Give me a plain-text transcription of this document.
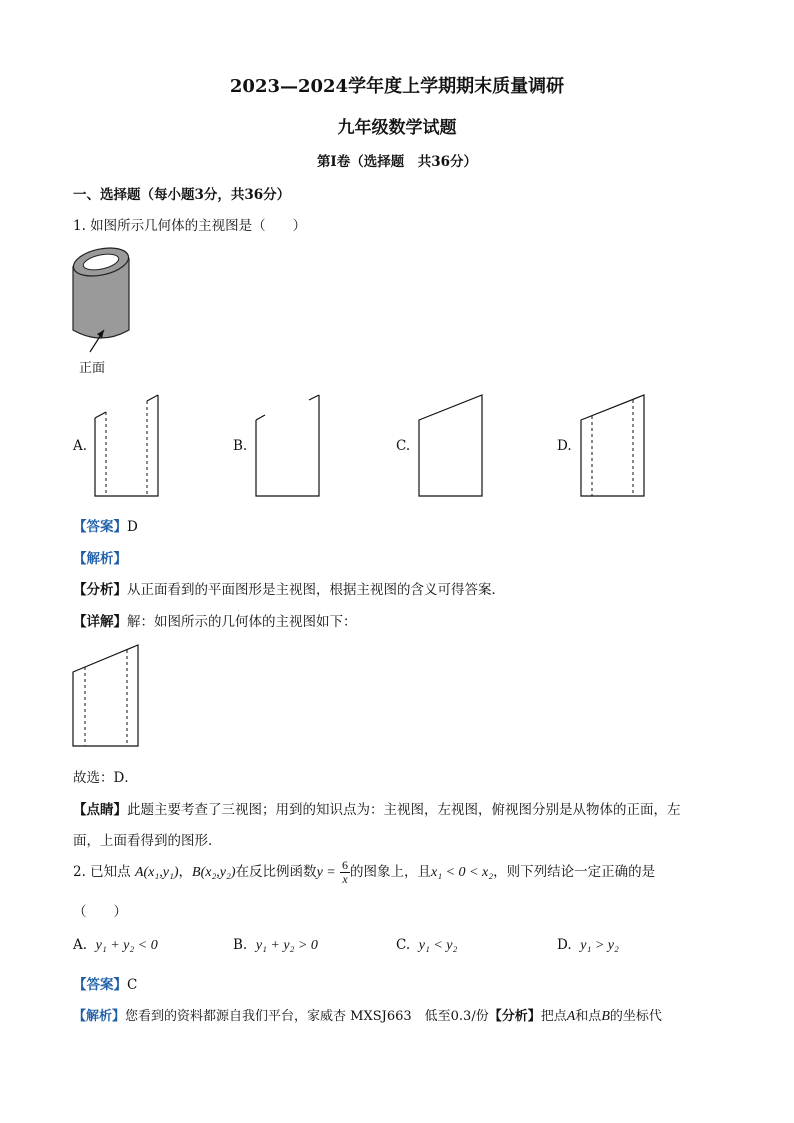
2023—2024学年度上学期期末质量调研
九年级数学试题
第Ⅰ卷（选择题　共36分）
一、选择题（每小题3分，共36分）
1. 如图所示几何体的主视图是（　　）
正面
A.	B.	C.	D.
【答案】D
【解析】
【分析】从正面看到的平面图形是主视图，根据主视图的含义可得答案．
【详解】解：如图所示的几何体的主视图如下：
故选：D．
【点睛】此题主要考查了三视图；用到的知识点为：主视图，左视图，俯视图分别是从物体的正面，左
面，上面看得到的图形．
2. 已知点 A(x₁,y₁)，B(x₂,y₂)在反比例函数$y = \frac{6}{x}$ 的图象上，且x₁ < 0 < x₂，则下列结论一定正确的是
（　　）
A. y₁ + y₂ < 0	B. y₁ + y₂ > 0	C. y₁ < y₂	D. y₁ > y₂
【答案】C
【解析】您看到的资料都源自我们平台，家威杏 MXSJ663　低至0.3/份【分析】把点A和点B的坐标代
